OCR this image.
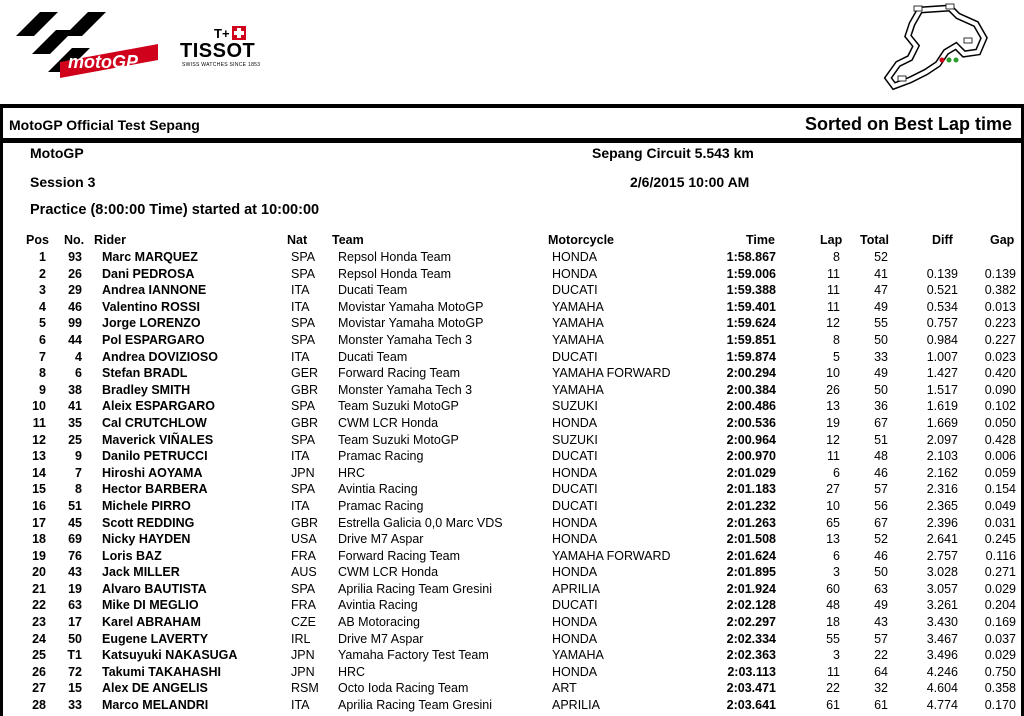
motoGP
T+
TISSOT
SWISS WATCHES SINCE 1853
MotoGP Official Test Sepang	Sorted on Best Lap time
MotoGP	Sepang Circuit 5.543 km
Session 3	2/6/2015 10:00 AM
Practice (8:00:00 Time) started at 10:00:00
Pos No. Rider	Nat Team	Motorcycle	Time	Lap Total	Diff	Gap
1	93 Marc MARQUEZ	SPA	Repsol Honda Team	HONDA	1:58.867	8	52
2	26 Dani PEDROSA	SPA	Repsol Honda Team	HONDA	1:59.006	11	41	0.139	0.139
3	29 Andrea IANNONE	ITA	Ducati Team	DUCATI	1:59.388	11	47	0.521	0.382
4	46 Valentino ROSSI	ITA	Movistar Yamaha MotoGP	YAMAHA	1:59.401	11	49	0.534	0.013
5	99 Jorge LORENZO	SPA	Movistar Yamaha MotoGP	YAMAHA	1:59.624	12	55	0.757	0.223
6	44 Pol ESPARGARO	SPA	Monster Yamaha Tech 3	YAMAHA	1:59.851	8	50	0.984	0.227
7	4 Andrea DOVIZIOSO	ITA	Ducati Team	DUCATI	1:59.874	5	33	1.007	0.023
8	6 Stefan BRADL	GER	Forward Racing Team	YAMAHA FORWARD	2:00.294	10	49	1.427	0.420
9	38 Bradley SMITH	GBR	Monster Yamaha Tech 3	YAMAHA	2:00.384	26	50	1.517	0.090
10	41 Aleix ESPARGARO	SPA	Team Suzuki MotoGP	SUZUKI	2:00.486	13	36	1.619	0.102
11	35 Cal CRUTCHLOW	GBR	CWM LCR Honda	HONDA	2:00.536	19	67	1.669	0.050
12	25 Maverick VIÑALES	SPA	Team Suzuki MotoGP	SUZUKI	2:00.964	12	51	2.097	0.428
13	9 Danilo PETRUCCI	ITA	Pramac Racing	DUCATI	2:00.970	11	48	2.103	0.006
14	7 Hiroshi AOYAMA	JPN	HRC	HONDA	2:01.029	6	46	2.162	0.059
15	8 Hector BARBERA	SPA	Avintia Racing	DUCATI	2:01.183	27	57	2.316	0.154
16	51 Michele PIRRO	ITA	Pramac Racing	DUCATI	2:01.232	10	56	2.365	0.049
17	45 Scott REDDING	GBR	Estrella Galicia 0,0 Marc VDS	HONDA	2:01.263	65	67	2.396	0.031
18	69 Nicky HAYDEN	USA	Drive M7 Aspar	HONDA	2:01.508	13	52	2.641	0.245
19	76 Loris BAZ	FRA	Forward Racing Team	YAMAHA FORWARD	2:01.624	6	46	2.757	0.116
20	43 Jack MILLER	AUS	CWM LCR Honda	HONDA	2:01.895	3	50	3.028	0.271
21	19 Alvaro BAUTISTA	SPA	Aprilia Racing Team Gresini	APRILIA	2:01.924	60	63	3.057	0.029
22	63 Mike DI MEGLIO	FRA	Avintia Racing	DUCATI	2:02.128	48	49	3.261	0.204
23	17 Karel ABRAHAM	CZE	AB Motoracing	HONDA	2:02.297	18	43	3.430	0.169
24	50 Eugene LAVERTY	IRL	Drive M7 Aspar	HONDA	2:02.334	55	57	3.467	0.037
25	T1 Katsuyuki NAKASUGA	JPN	Yamaha Factory Test Team	YAMAHA	2:02.363	3	22	3.496	0.029
26	72 Takumi TAKAHASHI	JPN	HRC	HONDA	2:03.113	11	64	4.246	0.750
27	15 Alex DE ANGELIS	RSM	Octo Ioda Racing Team	ART	2:03.471	22	32	4.604	0.358
28	33 Marco MELANDRI	ITA	Aprilia Racing Team Gresini	APRILIA	2:03.641	61	61	4.774	0.170
